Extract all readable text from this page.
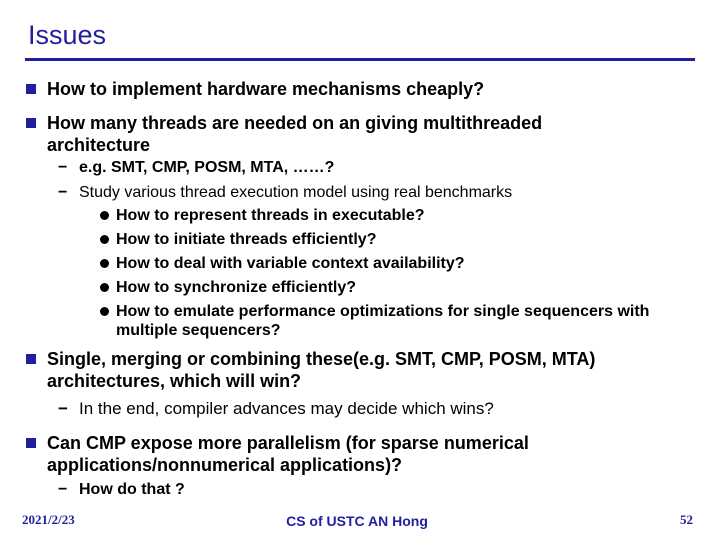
Issues
How to implement hardware mechanisms cheaply?
How many threads are needed on an giving multithreaded architecture
− e.g. SMT, CMP, POSM, MTA, ……?
− Study various thread execution model using real benchmarks
How to represent threads in executable?
How to initiate threads efficiently?
How to deal with variable context availability?
How to synchronize efficiently?
How to emulate performance optimizations for single sequencers with multiple sequencers?
Single, merging or combining these(e.g. SMT, CMP, POSM, MTA) architectures, which will win?
− In the end, compiler advances may decide which wins?
Can CMP expose more parallelism (for sparse numerical applications/nonnumerical applications)?
− How do that ?
2021/2/23	CS of USTC AN Hong	52
